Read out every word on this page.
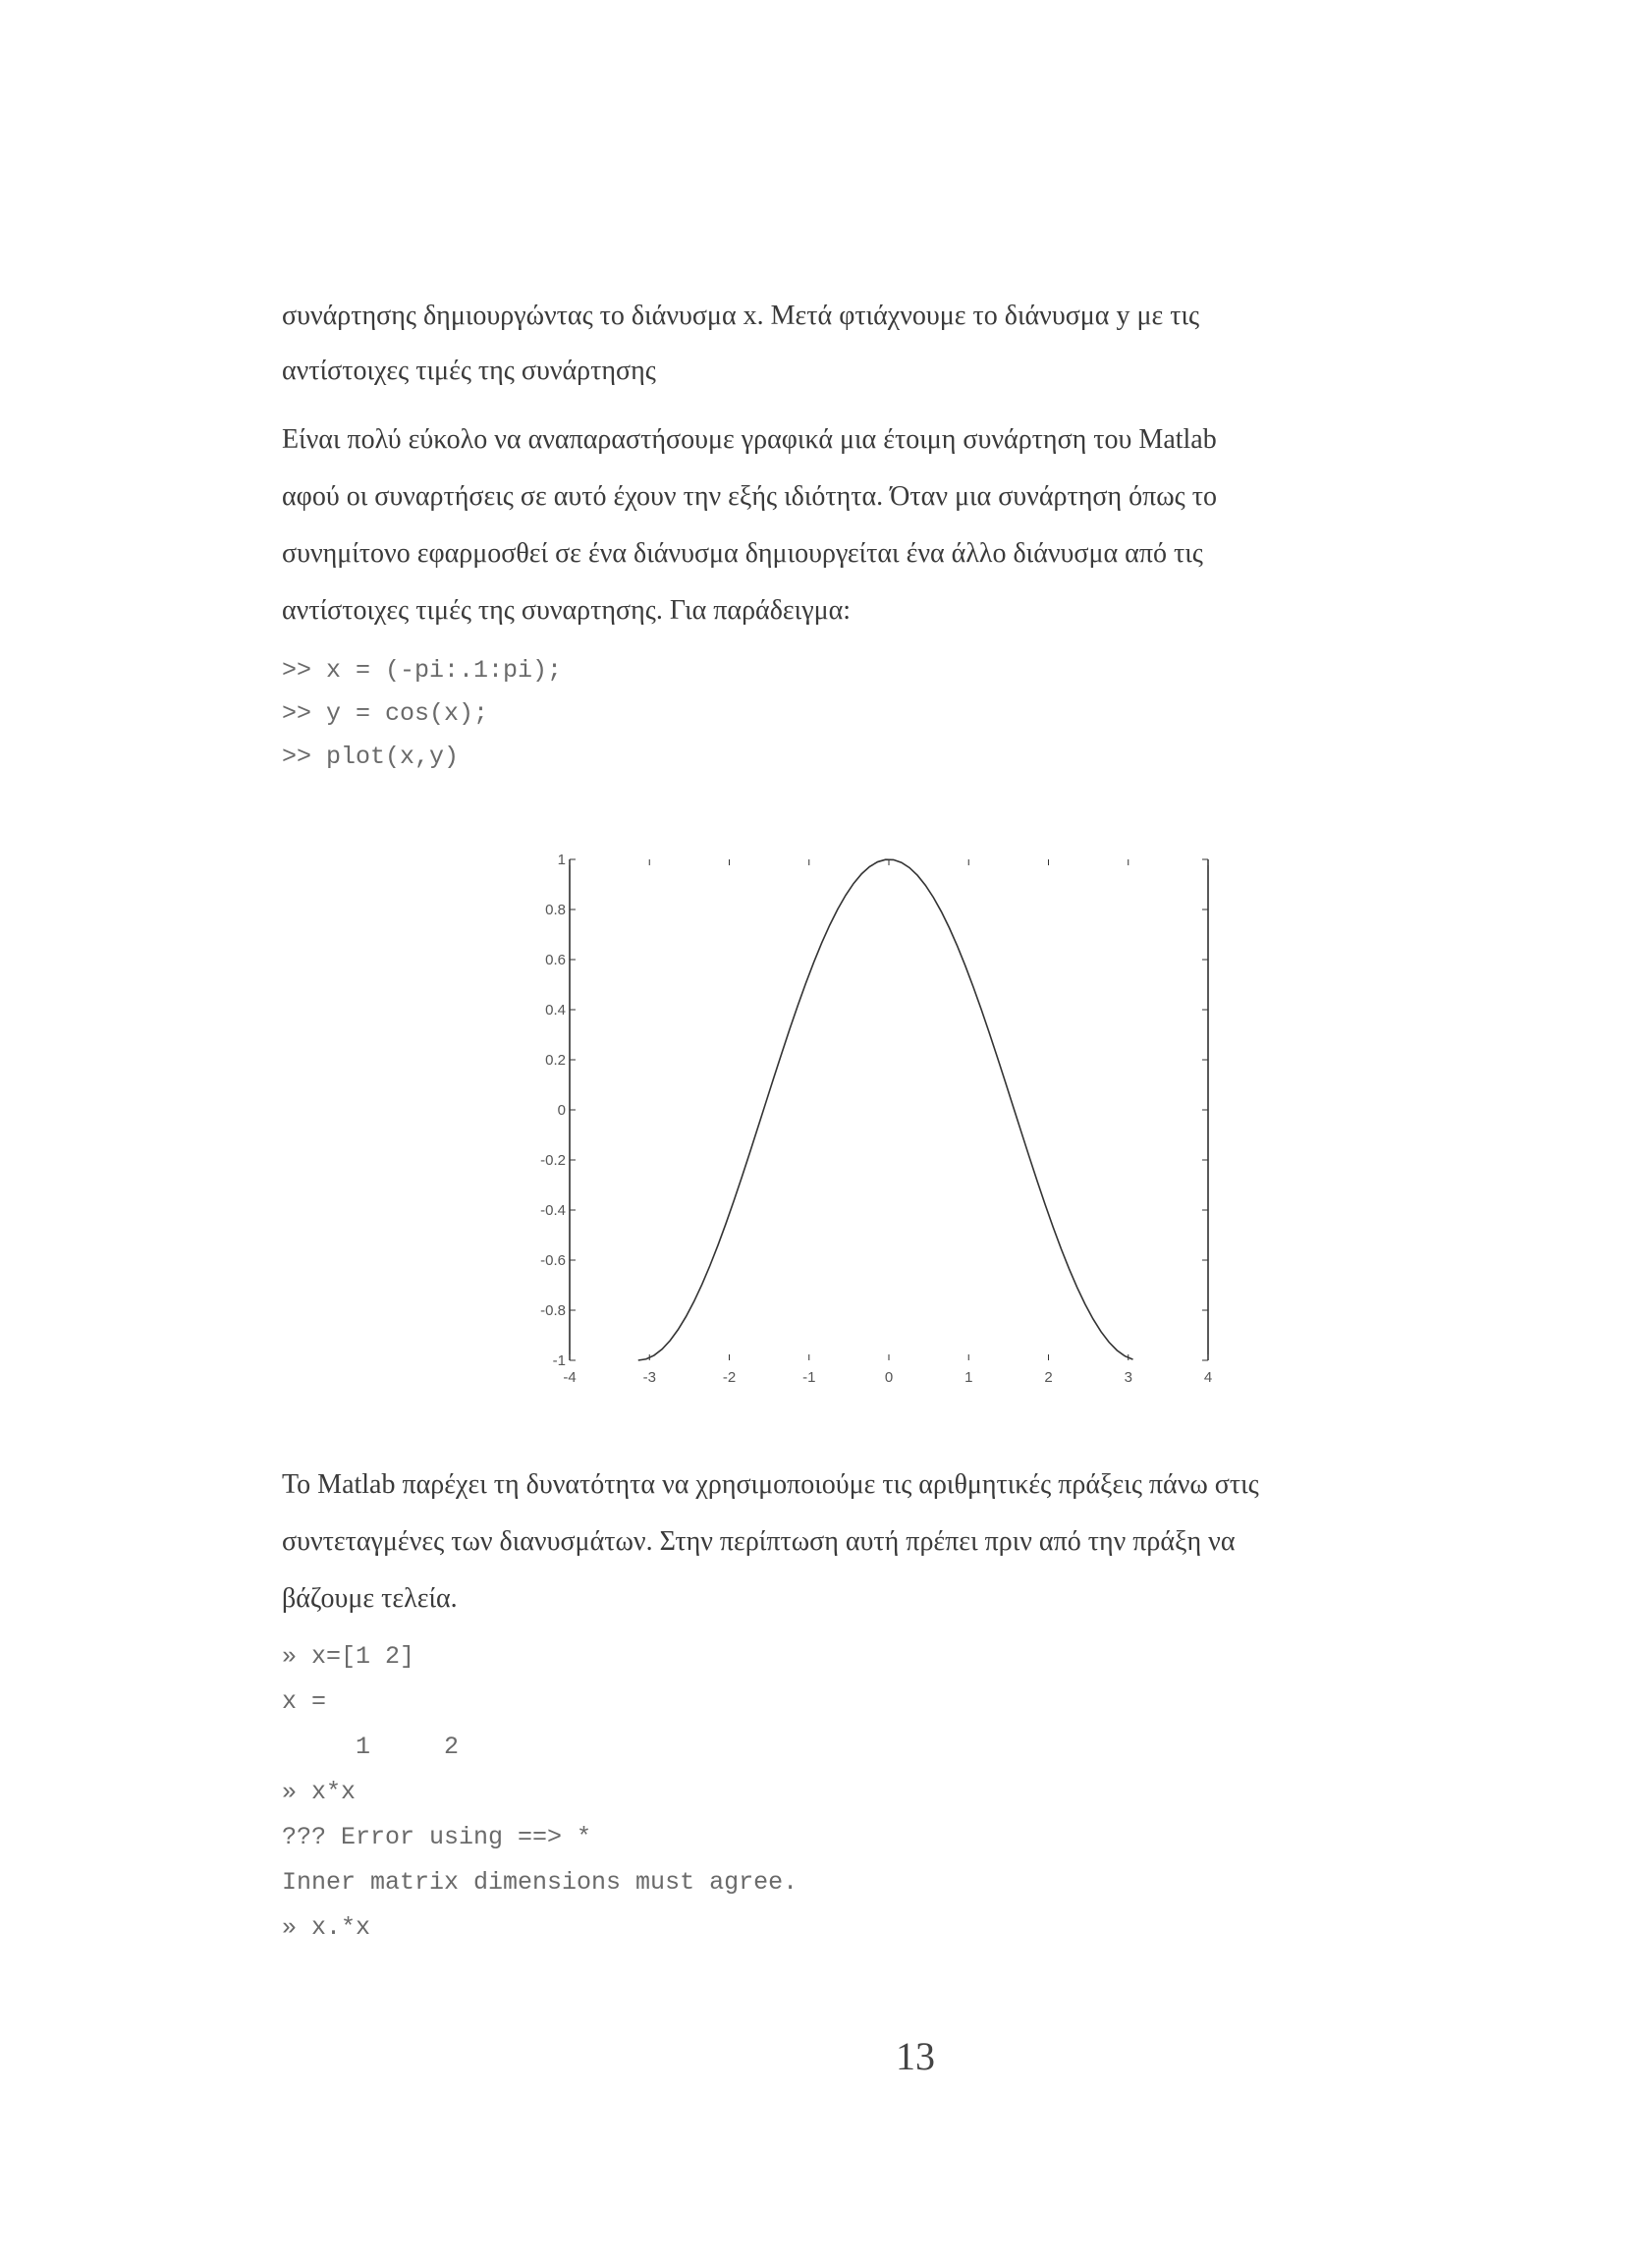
συνάρτησης δημιουργώντας το διάνυσμα x. Μετά φτιάχνουμε το διάνυσμα y με τις

αντίστοιχες τιμές της συνάρτησης

Είναι πολύ εύκολο να αναπαραστήσουμε γραφικά μια έτοιμη συνάρτηση του Matlab

αφού οι συναρτήσεις σε αυτό έχουν την εξής ιδιότητα. Όταν μια συνάρτηση όπως το

συνημίτονο εφαρμοσθεί σε ένα διάνυσμα δημιουργείται ένα άλλο διάνυσμα από τις

αντίστοιχες τιμές της συναρτησης. Για παράδειγμα:

>> x = (-pi:.1:pi);
>> y = cos(x);
>> plot(x,y)
1
0.8
0.6
0.4
0.2
0
-0.2
-0.4
-0.6
-0.8
-1
-4	-3	-2	-1	0	1	2	3	4
» x=[1 2]
x =
1     2
» x*x
??? Error using ==> *
Inner matrix dimensions must agree.
» x.*x

Το Matlab παρέχει τη δυνατότητα να χρησιμοποιούμε τις αριθμητικές πράξεις πάνω στις

συντεταγμένες των διανυσμάτων. Στην περίπτωση αυτή πρέπει πριν από την πράξη να

βάζουμε τελεία.

13
